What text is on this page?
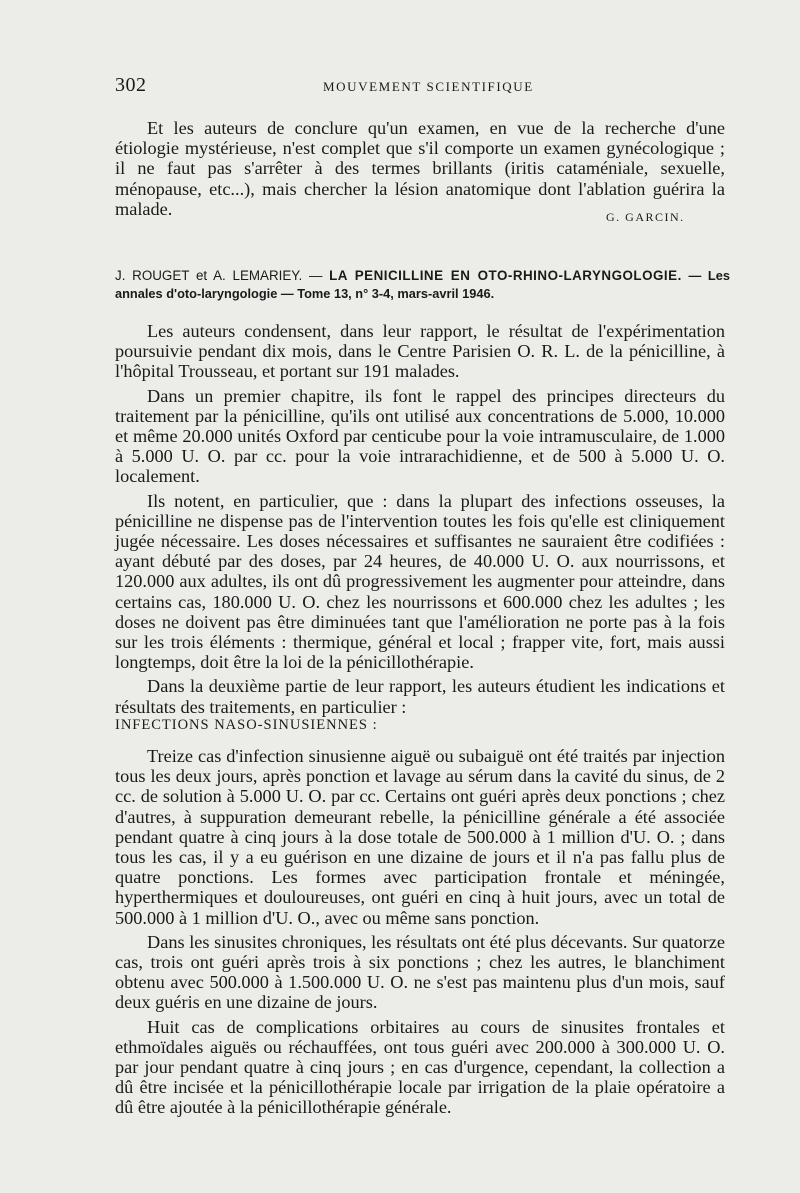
302	MOUVEMENT SCIENTIFIQUE

Et les auteurs de conclure qu'un examen, en vue de la recherche d'une étiologie mystérieuse, n'est complet que s'il comporte un examen gynécologique ; il ne faut pas s'arrêter à des termes brillants (iritis cataméniale, sexuelle, ménopause, etc...), mais chercher la lésion anatomique dont l'ablation guérira la malade.	G. GARCIN.
J. ROUGET et A. LEMARIEY. — LA PENICILLINE EN OTO-RHINO-LARYNGOLOGIE. — Les annales d'oto-laryngologie — Tome 13, n° 3-4, mars-avril 1946.

Les auteurs condensent, dans leur rapport, le résultat de l'expérimentation poursuivie pendant dix mois, dans le Centre Parisien O. R. L. de la pénicilline, à l'hôpital Trousseau, et portant sur 191 malades.

Dans un premier chapitre, ils font le rappel des principes directeurs du traitement par la pénicilline, qu'ils ont utilisé aux concentrations de 5.000, 10.000 et même 20.000 unités Oxford par centicube pour la voie intramusculaire, de 1.000 à 5.000 U. O. par cc. pour la voie intrarachidienne, et de 500 à 5.000 U. O. localement.

Ils notent, en particulier, que : dans la plupart des infections osseuses, la pénicilline ne dispense pas de l'intervention toutes les fois qu'elle est cliniquement jugée nécessaire. Les doses nécessaires et suffisantes ne sauraient être codifiées : ayant débuté par des doses, par 24 heures, de 40.000 U. O. aux nourrissons, et 120.000 aux adultes, ils ont dû progressivement les augmenter pour atteindre, dans certains cas, 180.000 U. O. chez les nourrissons et 600.000 chez les adultes ; les doses ne doivent pas être diminuées tant que l'amélioration ne porte pas à la fois sur les trois éléments : thermique, général et local ; frapper vite, fort, mais aussi longtemps, doit être la loi de la pénicillothérapie.

Dans la deuxième partie de leur rapport, les auteurs étudient les indications et résultats des traitements, en particulier :

INFECTIONS NASO-SINUSIENNES :

Treize cas d'infection sinusienne aiguë ou subaiguë ont été traités par injection tous les deux jours, après ponction et lavage au sérum dans la cavité du sinus, de 2 cc. de solution à 5.000 U. O. par cc. Certains ont guéri après deux ponctions ; chez d'autres, à suppuration demeurant rebelle, la pénicilline générale a été associée pendant quatre à cinq jours à la dose totale de 500.000 à 1 million d'U. O. ; dans tous les cas, il y a eu guérison en une dizaine de jours et il n'a pas fallu plus de quatre ponctions. Les formes avec participation frontale et méningée, hyperthermiques et douloureuses, ont guéri en cinq à huit jours, avec un total de 500.000 à 1 million d'U. O., avec ou même sans ponction.

Dans les sinusites chroniques, les résultats ont été plus décevants. Sur quatorze cas, trois ont guéri après trois à six ponctions ; chez les autres, le blanchiment obtenu avec 500.000 à 1.500.000 U. O. ne s'est pas maintenu plus d'un mois, sauf deux guéris en une dizaine de jours.

Huit cas de complications orbitaires au cours de sinusites frontales et ethmoïdales aiguës ou réchauffées, ont tous guéri avec 200.000 à 300.000 U. O. par jour pendant quatre à cinq jours ; en cas d'urgence, cependant, la collection a dû être incisée et la pénicillothérapie locale par irrigation de la plaie opératoire a dû être ajoutée à la pénicillothérapie générale.
